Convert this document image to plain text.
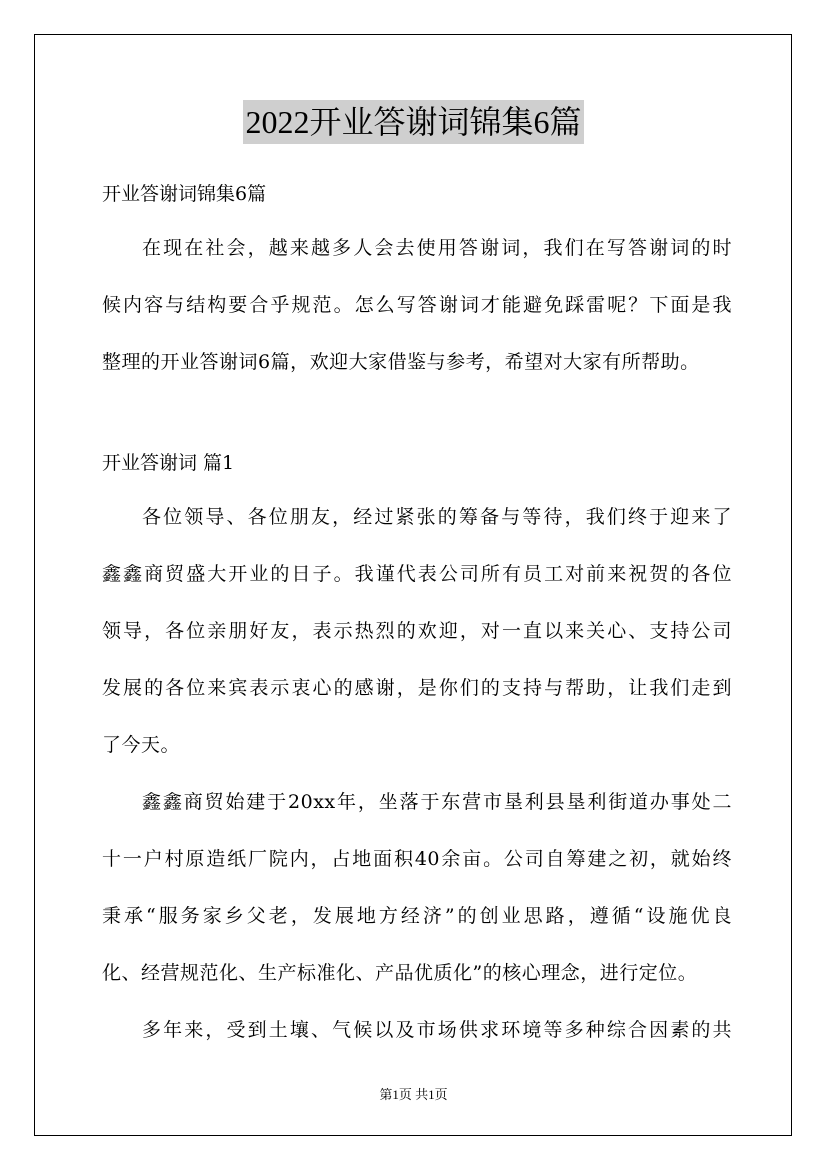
2022开业答谢词锦集6篇

开业答谢词锦集6篇

在现在社会，越来越多人会去使用答谢词，我们在写答谢词的时

候内容与结构要合乎规范。怎么写答谢词才能避免踩雷呢？下面是我

整理的开业答谢词6篇，欢迎大家借鉴与参考，希望对大家有所帮助。

开业答谢词 篇1

各位领导、各位朋友，经过紧张的筹备与等待，我们终于迎来了

鑫鑫商贸盛大开业的日子。我谨代表公司所有员工对前来祝贺的各位

领导，各位亲朋好友，表示热烈的欢迎，对一直以来关心、支持公司

发展的各位来宾表示衷心的感谢，是你们的支持与帮助，让我们走到

了今天。

鑫鑫商贸始建于20xx年，坐落于东营市垦利县垦利街道办事处二

十一户村原造纸厂院内，占地面积40余亩。公司自筹建之初，就始终

秉承“服务家乡父老，发展地方经济”的创业思路，遵循“设施优良

化、经营规范化、生产标准化、产品优质化”的核心理念，进行定位。

多年来，受到土壤、气候以及市场供求环境等多种综合因素的共

第1页 共1页
